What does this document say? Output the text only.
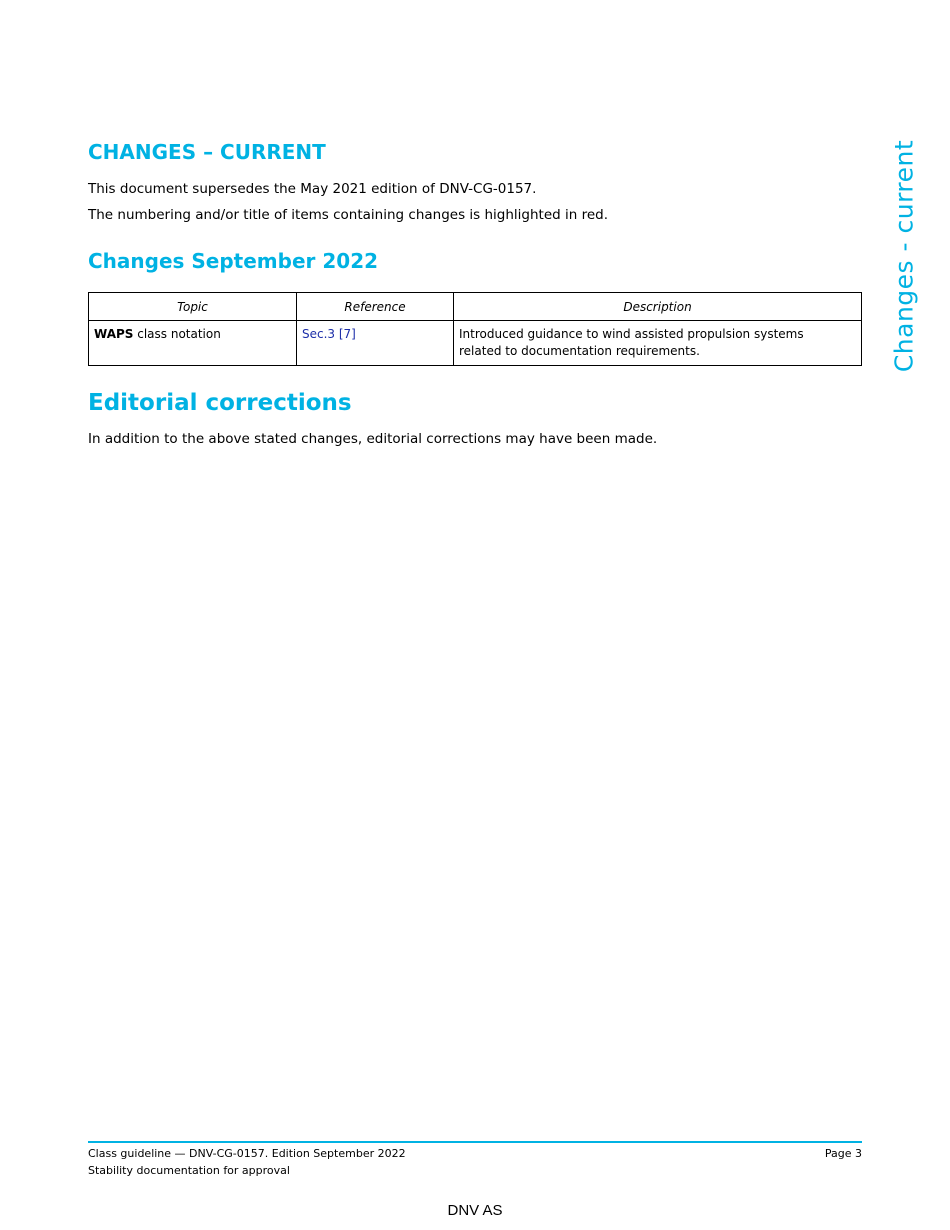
CHANGES – CURRENT

This document supersedes the May 2021 edition of DNV-CG-0157.

The numbering and/or title of items containing changes is highlighted in red.

Changes September 2022
Topic	Reference	Description
WAPS class notation	Sec.3 [7]	Introduced guidance to wind assisted propulsion systems
related to documentation requirements.
Editorial corrections

In addition to the above stated changes, editorial corrections may have been made.

Changes - current
Class guideline — DNV-CG-0157. Edition September 2022
Stability documentation for approval
Page 3
DNV AS
